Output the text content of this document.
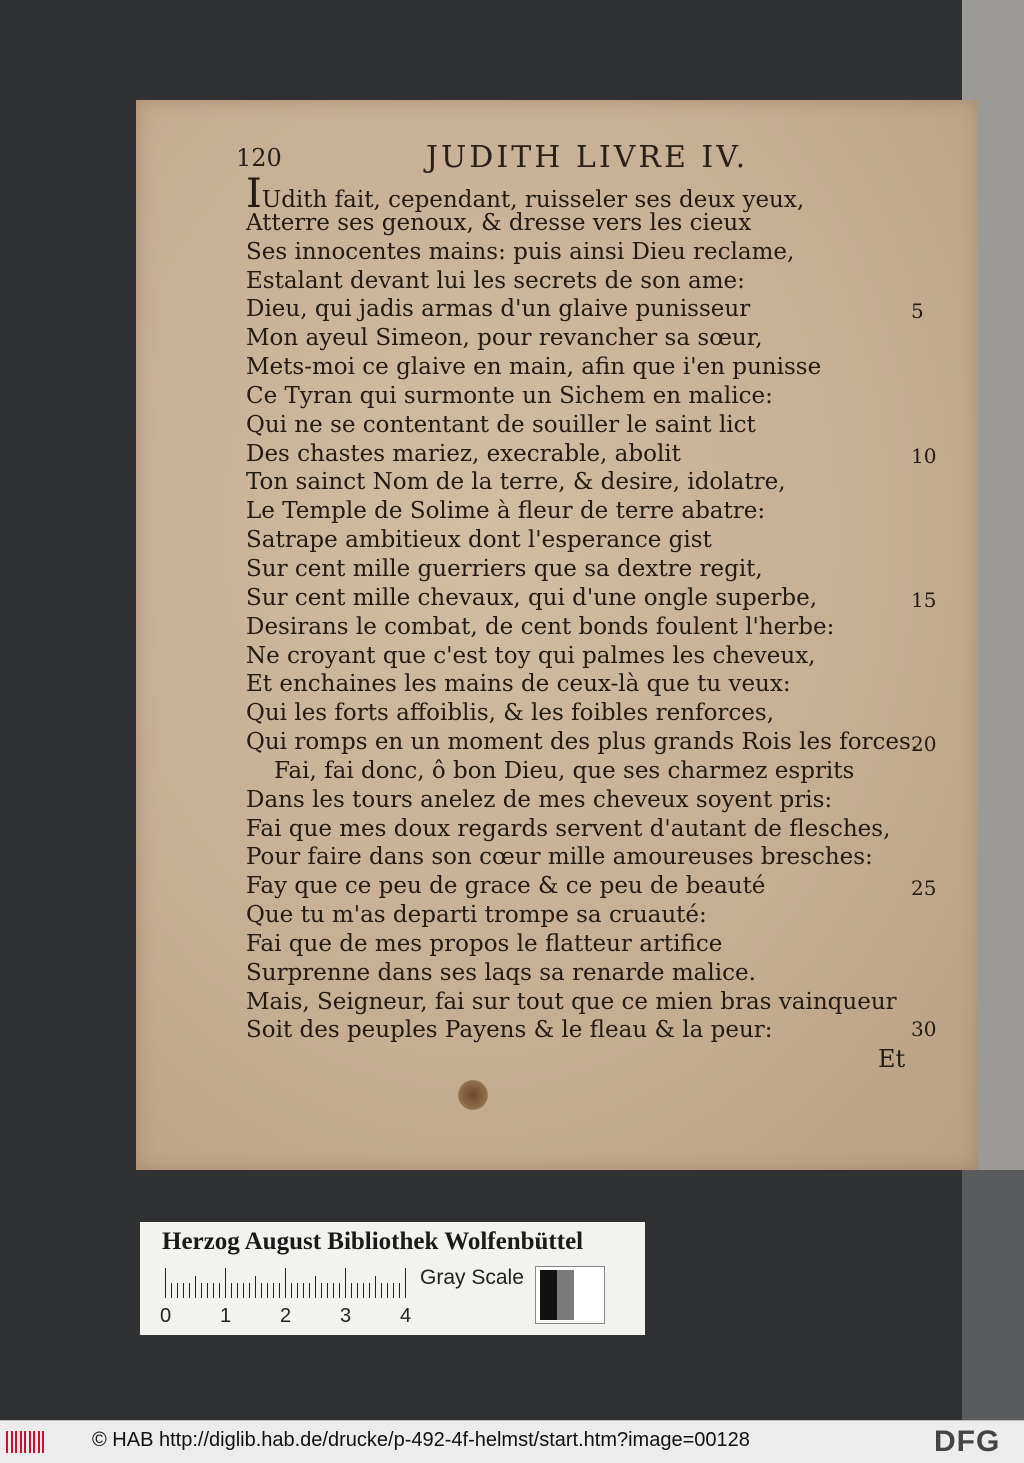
120	JUDITH LIVRE IV.
IUdith fait, cependant, ruisseler ses deux yeux,
Atterre ses genoux, & dresse vers les cieux
Ses innocentes mains: puis ainsi Dieu reclame,
Estalant devant lui les secrets de son ame:
Dieu, qui jadis armas d'un glaive punisseur
Mon ayeul Simeon, pour revancher sa sœur,
Mets-moi ce glaive en main, afin que i'en punisse
Ce Tyran qui surmonte un Sichem en malice:
Qui ne se contentant de souiller le saint lict
Des chastes mariez, execrable, abolit
Ton sainct Nom de la terre, & desire, idolatre,
Le Temple de Solime à fleur de terre abatre:
Satrape ambitieux dont l'esperance gist
Sur cent mille guerriers que sa dextre regit,
Sur cent mille chevaux, qui d'une ongle superbe,
Desirans le combat, de cent bonds foulent l'herbe:
Ne croyant que c'est toy qui palmes les cheveux,
Et enchaines les mains de ceux-là que tu veux:
Qui les forts affoiblis, & les foibles renforces,
Qui romps en un moment des plus grands Rois les forces.
Fai, fai donc, ô bon Dieu, que ses charmez esprits
Dans les tours anelez de mes cheveux soyent pris:
Fai que mes doux regards servent d'autant de flesches,
Pour faire dans son cœur mille amoureuses bresches:
Fay que ce peu de grace & ce peu de beauté
Que tu m'as departi trompe sa cruauté:
Fai que de mes propos le flatteur artifice
Surprenne dans ses laqs sa renarde malice.
Mais, Seigneur, fai sur tout que ce mien bras vainqueur
Soit des peuples Payens & le fleau & la peur:
5
10
15
20
25
30
Et
Herzog August Bibliothek Wolfenbüttel
0 1 2 3 4
Gray Scale
© HAB http://diglib.hab.de/drucke/p-492-4f-helmst/start.htm?image=00128	DFG
